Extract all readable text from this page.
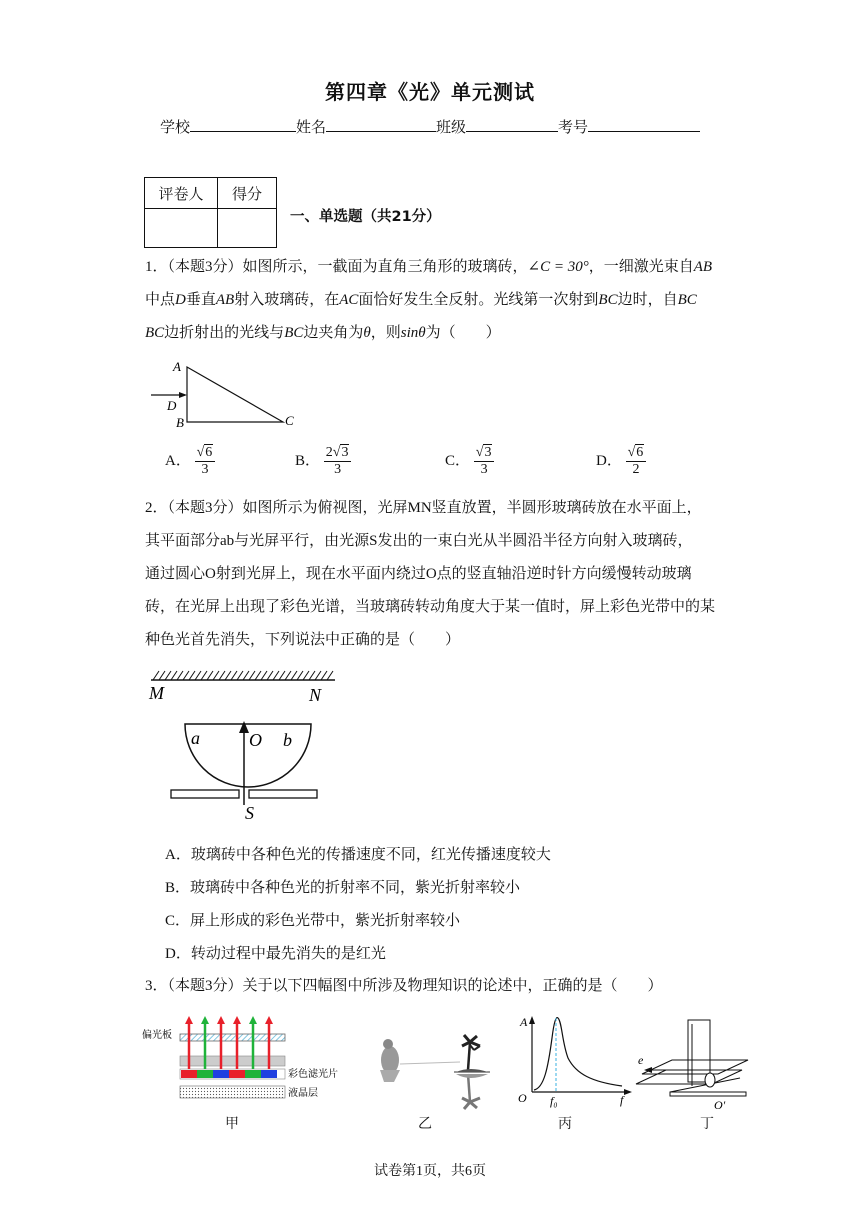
第四章《光》单元测试
学校	姓名	班级	考号
评卷人	得分

一、单选题（共21分）
1．（本题3分）如图所示，一截面为直角三角形的玻璃砖，∠C = 30°，一细激光束自AB
中点D垂直AB射入玻璃砖，在AC面恰好发生全反射。光线第一次射到BC边时，自BC
BC边折射出的光线与BC边夹角为θ，则sinθ为（　　）
A
D
B	C
A． $\frac{√6}{3}$	B． $\frac{2√3}{3}$	C． $\frac{√3}{3}$	D． $\frac{√6}{2}$
2．（本题3分）如图所示为俯视图，光屏MN竖直放置，半圆形玻璃砖放在水平面上，
其平面部分ab与光屏平行，由光源S发出的一束白光从半圆沿半径方向射入玻璃砖，
通过圆心O射到光屏上，现在水平面内绕过O点的竖直轴沿逆时针方向缓慢转动玻璃
砖，在光屏上出现了彩色光谱，当玻璃砖转动角度大于某一值时，屏上彩色光带中的某
种色光首先消失，下列说法中正确的是（　　）
M	N
a	O b
S
A．玻璃砖中各种色光的传播速度不同，红光传播速度较大
B．玻璃砖中各种色光的折射率不同，紫光折射率较小
C．屏上形成的彩色光带中，紫光折射率较小
D．转动过程中最先消失的是红光
3．（本题3分）关于以下四幅图中所涉及物理知识的论述中，正确的是（　　）
偏光板
彩色滤光片
液晶层
甲	乙
A
O f₀	f
丙
e
O'
丁
试卷第1页，共6页
